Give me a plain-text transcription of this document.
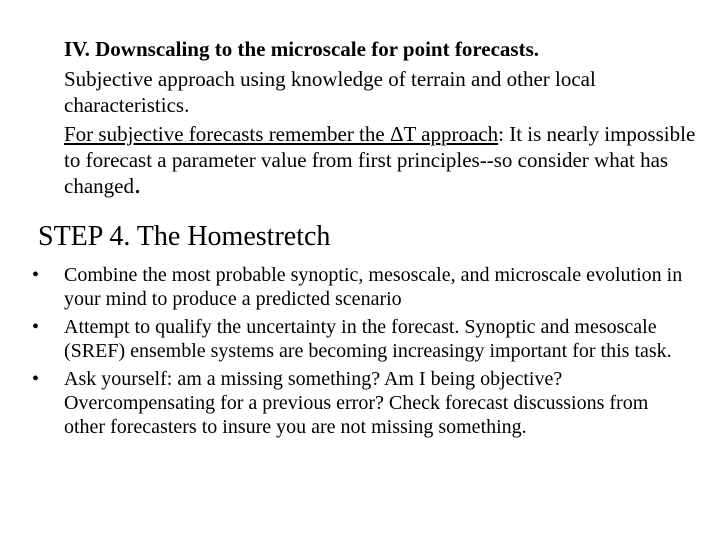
IV. Downscaling to the microscale for point forecasts.

Subjective approach using knowledge of terrain and other local characteristics.

For subjective forecasts remember the ΔT approach: It is nearly impossible to forecast a parameter value from first principles--so consider what has changed.

STEP 4. The Homestretch
• Combine the most probable synoptic, mesoscale, and microscale evolution in your mind to produce a predicted scenario
• Attempt to qualify the uncertainty in the forecast. Synoptic and mesoscale (SREF) ensemble systems are becoming increasingy important for this task.
• Ask yourself: am a missing something? Am I being objective? Overcompensating for a previous error? Check forecast discussions from other forecasters to insure you are not missing something.
